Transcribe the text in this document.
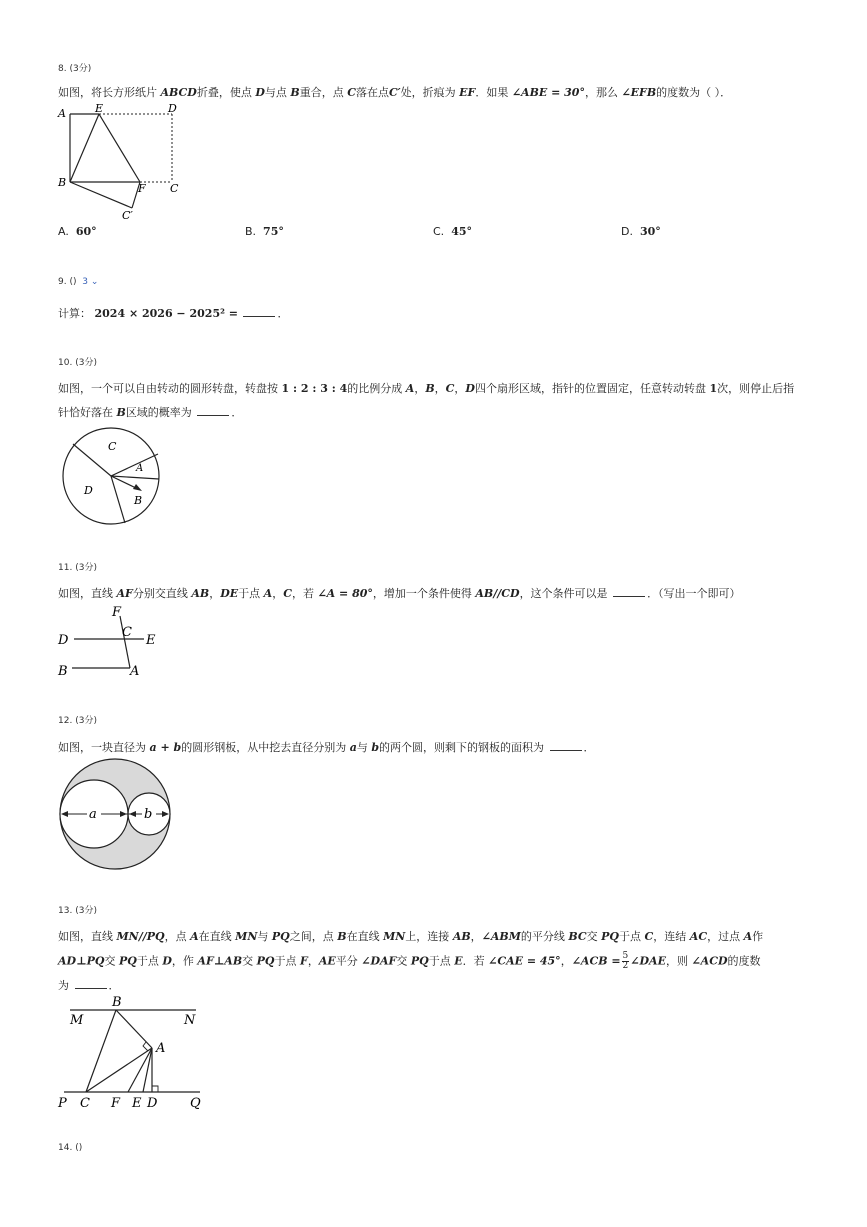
8. (3分)
如图，将长方形纸片 ABCD折叠，使点 D与点 B重合，点 C落在点C′处，折痕为 EF．如果 ∠ABE = 30°，那么 ∠EFB的度数为（ ）．
A	E	D
B	F C
C′
A. 60°	B. 75°	C. 45°	D. 30°
9. () 3 ⌄
计算： 2024 × 2026 − 2025² =	．
10. (3分)
如图，一个可以自由转动的圆形转盘，转盘按 1 : 2 : 3 : 4的比例分成 A，B，C，D四个扇形区域，指针的位置固定，任意转动转盘 1次，则停止后指
针恰好落在 B区域的概率为	．
C
A
D
B
11. (3分)
如图，直线 AF分别交直线 AB，DE于点 A，C，若 ∠A = 80°，增加一个条件使得 AB//CD，这个条件可以是	．（写出一个即可）
F
C
D	E
B	A
12. (3分)
如图，一块直径为 a + b的圆形钢板，从中挖去直径分别为 a与 b的两个圆，则剩下的钢板的面积为	．
a	b
13. (3分)
如图，直线 MN//PQ，点 A在直线 MN与 PQ之间，点 B在直线 MN上，连接 AB，∠ABM的平分线 BC交 PQ于点 C，连结 AC，过点 A作
AD⊥PQ交 PQ于点 D，作 AF⊥AB交 PQ于点 F，AE平分 ∠DAF交 PQ于点 E．若 ∠CAE = 45°，∠ACB = $\frac{5}{2}$ ∠DAE，则 ∠ACD的度数
为	．
B
M	N
A
P C F E D	Q
14. ()
